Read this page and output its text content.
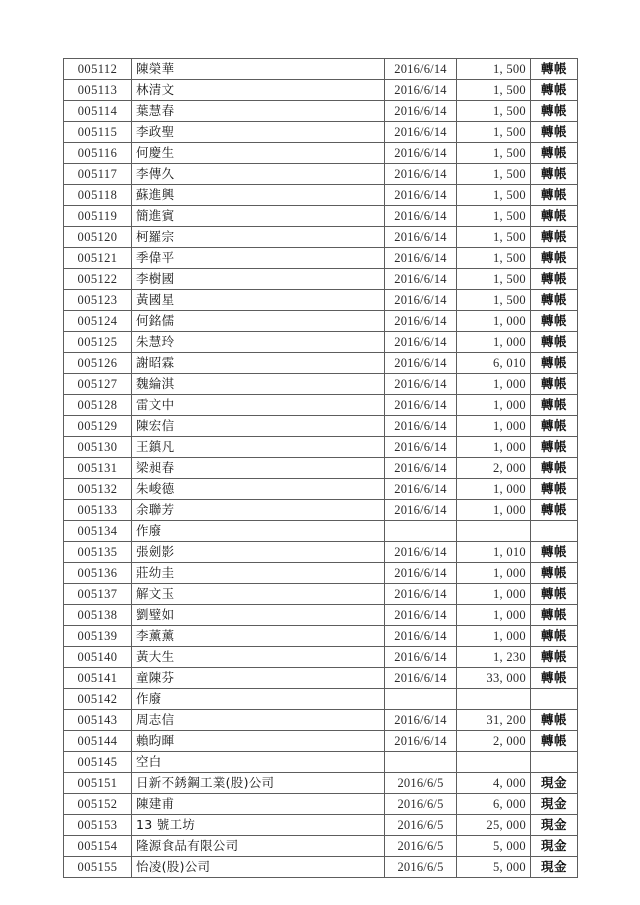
005112	陳榮華	2016/6/14	1, 500	轉帳
005113	林清文	2016/6/14	1, 500	轉帳
005114	葉慧春	2016/6/14	1, 500	轉帳
005115	李政聖	2016/6/14	1, 500	轉帳
005116	何慶生	2016/6/14	1, 500	轉帳
005117	李傳久	2016/6/14	1, 500	轉帳
005118	蘇進興	2016/6/14	1, 500	轉帳
005119	簡進賓	2016/6/14	1, 500	轉帳
005120	柯羅宗	2016/6/14	1, 500	轉帳
005121	季偉平	2016/6/14	1, 500	轉帳
005122	李樹國	2016/6/14	1, 500	轉帳
005123	黃國星	2016/6/14	1, 500	轉帳
005124	何銘儒	2016/6/14	1, 000	轉帳
005125	朱慧玲	2016/6/14	1, 000	轉帳
005126	謝昭霖	2016/6/14	6, 010	轉帳
005127	魏綸淇	2016/6/14	1, 000	轉帳
005128	雷文中	2016/6/14	1, 000	轉帳
005129	陳宏信	2016/6/14	1, 000	轉帳
005130	王鎮凡	2016/6/14	1, 000	轉帳
005131	梁昶春	2016/6/14	2, 000	轉帳
005132	朱峻德	2016/6/14	1, 000	轉帳
005133	余聯芳	2016/6/14	1, 000	轉帳
005134	作廢			
005135	張劍影	2016/6/14	1, 010	轉帳
005136	莊幼圭	2016/6/14	1, 000	轉帳
005137	解文玉	2016/6/14	1, 000	轉帳
005138	劉璧如	2016/6/14	1, 000	轉帳
005139	李薰薰	2016/6/14	1, 000	轉帳
005140	黃大生	2016/6/14	1, 230	轉帳
005141	童陳芬	2016/6/14	33, 000	轉帳
005142	作廢			
005143	周志信	2016/6/14	31, 200	轉帳
005144	賴昀暉	2016/6/14	2, 000	轉帳
005145	空白			
005151	日新不銹鋼工業(股)公司	2016/6/5	4, 000	現金
005152	陳建甫	2016/6/5	6, 000	現金
005153	13 號工坊	2016/6/5	25, 000	現金
005154	隆源食品有限公司	2016/6/5	5, 000	現金
005155	怡凌(股)公司	2016/6/5	5, 000	現金
